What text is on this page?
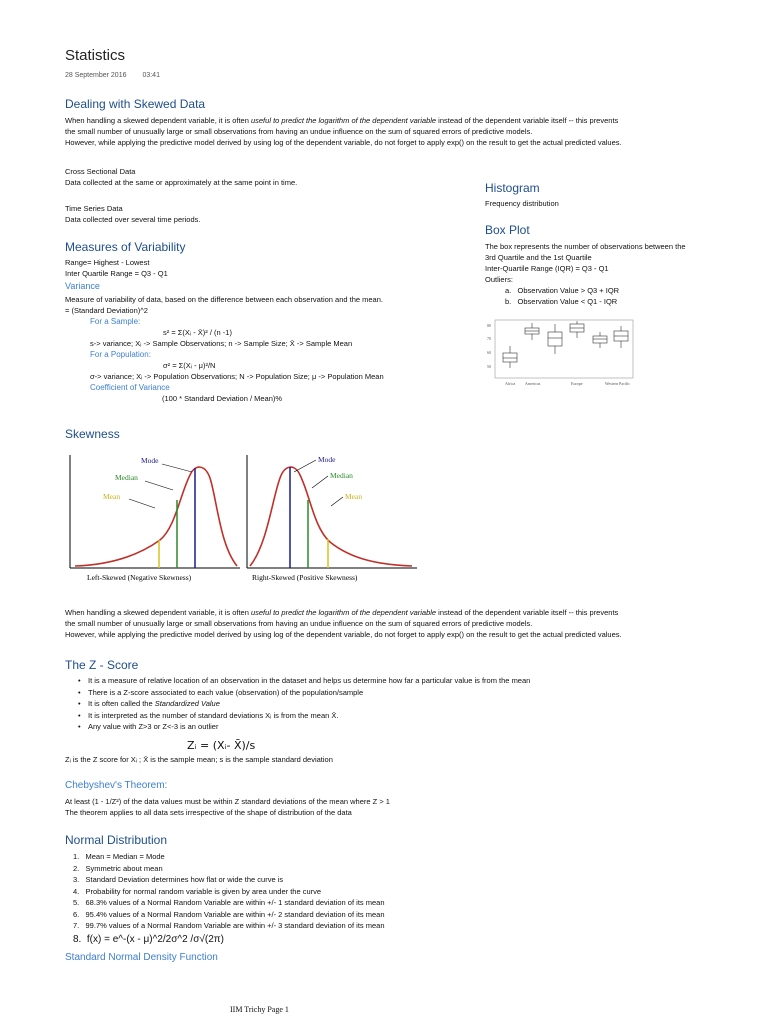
Statistics
28 September 2016 03:41
Dealing with Skewed Data
When handling a skewed dependent variable, it is often useful to predict the logarithm of the dependent variable instead of the dependent variable itself -- this prevents
the small number of unusually large or small observations from having an undue influence on the sum of squared errors of predictive models.
However, while applying the predictive model derived by using log of the dependent variable, do not forget to apply exp() on the result to get the actual predicted values.
Cross Sectional Data
Data collected at the same or approximately at the same point in time.
Time Series Data
Data collected over several time periods.
Measures of Variability
Range= Highest - Lowest
Inter Quartile Range = Q3 - Q1
Variance
Measure of variability of data, based on the difference between each observation and the mean.
= (Standard Deviation)^2
For a Sample:
s² = Σ(Xᵢ - X̄)² / (n -1)
s-> variance; Xᵢ -> Sample Observations; n -> Sample Size; X̄ -> Sample Mean
For a Population:
σ² = Σ(Xᵢ - μ)²/N
σ-> variance; Xᵢ -> Population Observations; N -> Population Size; μ -> Population Mean
Coefficient of Variance
(100 * Standard Deviation / Mean)%
Histogram
Frequency distribution
Box Plot
The box represents the number of observations between the
3rd Quartile and the 1st Quartile
Inter-Quartile Range (IQR) = Q3 - Q1
Outliers:
a.   Observation Value > Q3 + IQR
b.   Observation Value < Q1 - IQR
80
70
60
50
Africa Americas	Europe	Western Pacific
Skewness
Mode
Median
Mean
Left-Skewed (Negative Skewness)
Mode
Median
Mean
Right-Skewed (Positive Skewness)
When handling a skewed dependent variable, it is often useful to predict the logarithm of the dependent variable instead of the dependent variable itself -- this prevents
the small number of unusually large or small observations from having an undue influence on the sum of squared errors of predictive models.
However, while applying the predictive model derived by using log of the dependent variable, do not forget to apply exp() on the result to get the actual predicted values.
The Z - Score
• It is a measure of relative location of an observation in the dataset and helps us determine how far a particular value is from the mean
• There is a Z-score associated to each value (observation) of the population/sample
• It is often called the Standardized Value
• It is interpreted as the number of standard deviations Xᵢ is from the mean X̄.
• Any value with Z>3 or Z<-3 is an outlier
Zᵢ = (Xᵢ- X̄)/s
Zᵢ is the Z score for Xᵢ ; X̄ is the sample mean; s is the sample standard deviation
Chebyshev's Theorem:
At least (1 - 1/Z²) of the data values must be within Z standard deviations of the mean where Z > 1
The theorem applies to all data sets irrespective of the shape of distribution of the data
Normal Distribution
1.   Mean = Median = Mode
2.   Symmetric about mean
3.   Standard Deviation determines how flat or wide the curve is
4.   Probability for normal random variable is given by area under the curve
5.   68.3% values of a Normal Random Variable are within +/- 1 standard deviation of its mean
6.   95.4% values of a Normal Random Variable are within +/- 2 standard deviation of its mean
7.   99.7% values of a Normal Random Variable are within +/- 3 standard deviation of its mean
8.  f(x) = e^-(x - μ)^2/2σ^2 /σ√(2π)
Standard Normal Density Function
IIM Trichy Page 1
